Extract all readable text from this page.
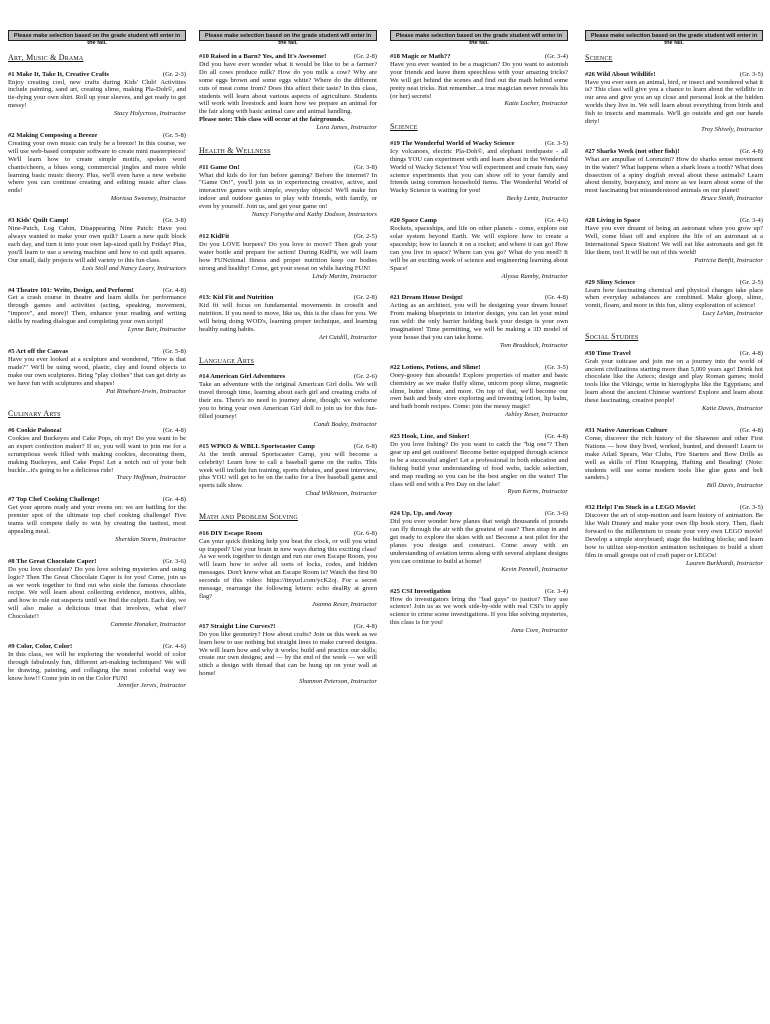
Please make selection based on the grade student will enter in the fall.
Art, Music & Drama
#1 Make It, Take It, Creative Crafts	(Gr. 2-3)
Enjoy creating cool, new crafts during Kids' Club! Activities include painting, sand art, creating slime, making Pla-Doh©, and tie-dying your own shirt. Roll up your sleeves, and get ready to get messy!
Stacy Holycross, Instructor
#2 Making Composing a Breeze	(Gr. 5-8)
Creating your own music can truly be a breeze! In this course, we will use web-based computer software to create mini masterpieces! We'll learn how to create simple motifs, spoken word chants/cheers, a blues song, commercial jingles and more while learning basic music theory. Plus, we'll even have a new website where you can continue creating and editing music after class ends!
Morissa Sweeney, Instructor
#3 Kids' Quilt Camp!	(Gr. 3-8)
Nine-Patch, Log Cabin, Disappearing Nine Patch: Have you always wanted to make your own quilt? Learn a new quilt block each day, and turn it into your own lap-sized quilt by Friday! Plus, you'll learn to use a sewing machine and how to cut quilt squares. Our small, daily projects will add variety to this fun class.
Lois Stoll and Nancy Leary, Instructors
#4 Theatre 101: Write, Design, and Perform!	(Gr. 4-8)
Get a crash course in theatre and learn skills for performance through games and activities (acting, speaking, movement, "improv", and more)! Then, enhance your reading and writing skills by reading dialogue and completing your own script!
Lynne Bair, Instructor
#5 Art off the Canvas	(Gr. 5-8)
Have you ever looked at a sculpture and wondered, "How is that made?" We'll be using wood, plastic, clay and found objects to make our own sculptures. Bring "play clothes" that can get dirty as we have fun with sculptures and shapes!
Pat Rinehart-Irwin, Instructor
Culinary Arts
#6 Cookie Palooza!	(Gr. 4-8)
Cookies and Buckeyes and Cake Pops, oh my! Do you want to be an expert confection maker? If so, you will want to join me for a scrumptious week filled with making cookies, decorating them, making Buckeyes, and Cake Pops! Let a notch out of your belt buckle...it's going to be a delicious ride!
Tracy Hoffman, Instructor
#7 Top Chef Cooking Challenge!	(Gr. 4-8)
Get your aprons ready and your ovens on: we are battling for the premier spot of the ultimate top chef cooking challenge! Five teams will compete daily to win by creating the tastiest, most appealing meal.
Sheridan Storm, Instructor
#8 The Great Chocolate Caper!	(Gr. 3-6)
Do you love chocolate? Do you love solving mysteries and using logic? Then The Great Chocolate Caper is for you! Come, join us as we work together to find out who stole the famous chocolate recipe. We will learn about collecting evidence, motives, alibis, and how to rule out suspects until we find the culprit. Each day, we will also make a delicious treat that involves, what else? Chocolate!!
Cammie Honaker, Instructor
#9 Color, Color, Color!	(Gr. 4-6)
In this class, we will be exploring the wonderful world of color through fabulously fun, different art-making techniques! We will be drawing, painting, and collaging the most colorful way we know how!! Come join in on the Color FUN!
Jennifer Jervis, Instructor
Please make selection based on the grade student will enter in the fall.
#10 Raised in a Barn? Yes, and It's Awesome!	(Gr. 2-8)
Did you have ever wonder what it would be like to be a farmer? Do all cows produce milk? How do you milk a cow? Why are some eggs brown and some eggs white? Where do the different cuts of meat come from? Does this affect their taste? In this class, students will learn about various aspects of agriculture. Students will work with livestock and learn how we prepare an animal for the fair along with basic animal care and animal handling.
Please note: This class will occur at the fairgrounds.
Lora James, Instructor
Health & Wellness
#11 Game On!	(Gr. 3-8)
What did kids do for fun before gaming? Before the internet? In "Game On!", you'll join us in experiencing creative, active, and interactive games with simple, everyday objects! We'll make fun indoor and outdoor games to play with friends, with family, or even by yourself. Join us, and get your game on!
Nancy Forsythe and Kathy Dodson, Instructors
#12 KidFit	(Gr. 2-5)
Do you LOVE burpees? Do you love to move? Then grab your water bottle and prepare for action! During KidFit, we will learn how FUNctional fitness and proper nutrition keep our bodies strong and healthy! Come, get your sweat on while having FUN!
Lindy Martin, Instructor
#13: Kid Fit and Nutrition	(Gr. 2-8)
Kid fit will focus on fundamental movements in crossfit and nutrition. If you need to move, like us, this is the class for you. We will being doing WOD's, learning proper technique, and learning healthy eating habits.
Art Cutdill, Instructor
Language Arts
#14 American Girl Adventures	(Gr. 2-6)
Take an adventure with the original American Girl dolls. We will travel through time, learning about each girl and creating crafts of their era. There's no need to journey alone, though; we welcome you to bring your own American Girl doll to join us for this fun-filled journey!
Candi Bodey, Instructor
#15 WPKO & WBLL Sportscaster Camp	(Gr. 6-8)
At the tenth annual Sportscaster Camp, you will become a celebrity! Learn how to call a baseball game on the radio. This week will include fun training, sports debates, and guest interview, plus YOU will get to be on the radio for a live baseball game and sports talk show.
Chad Wilkinson, Instructor
Math and Problem Solving
#16 DIY Escape Room	(Gr. 6-8)
Can your quick thinking help you beat the clock, or will you wind up trapped? Use your brain in new ways during this exciting class! As we work together to design and run our own Escape Room, you will learn how to solve all sorts of locks, codes, and hidden messages. Don't know what an Escape Room is? Watch the first 90 seconds of this video: https://tinyurl.com/ycK2oj. For a secret message, rearrange the following letters: echo dealRy at green flag?
Joanna Reser, Instructor
#17 Straight Line Curves?!	(Gr. 4-8)
Do you like geometry? How about crafts? Join us this week as we learn how to use nothing but straight lines to make curved designs. We will learn how and why it works; build and practice our skills; create our own designs; and — by the end of the week — we will stitch a design with thread that can be hung up on your wall at home!
Shannon Peterson, Instructor
Please make selection based on the grade student will enter in the fall.
#18 Magic or Math??	(Gr. 3-4)
Have you ever wanted to be a magician? Do you want to astonish your friends and leave them speechless with your amazing tricks? We will get behind the scenes and find out the math behind some pretty neat tricks. But remember...a true magician never reveals his (or her) secrets!
Katie Locher, Instructor
Science
#19 The Wonderful World of Wacky Science	(Gr. 3-5)
Icy volcanoes, electric Pla-Doh©, and elephant toothpaste - all things YOU can experiment with and learn about in the Wonderful World of Wacky Science! You will experiment and create fun, easy science experiments that you can show off to your family and friends using common household items. The Wonderful World of Wacky Science is waiting for you!
Becky Lentz, Instructor
#20 Space Camp	(Gr. 4-6)
Rockets, spaceships, and life on other planets - come, explore our solar system beyond Earth. We will explore how to create a spaceship; how to launch it on a rocket; and where it can go! How can you live in space? Where can you go? What do you need? It will be an exciting week of science and engineering learning about Space!
Alyssa Rumby, Instructor
#21 Dream House Design!	(Gr. 4-8)
Acting as an architect, you will be designing your dream house! From making blueprints to interior design, you can let your mind run wild: the only barrier holding back your design is your own imagination! Time permitting, we will be making a 3D model of your house that you can take home.
Tom Braddock, Instructor
#22 Lotions, Potions, and Slime!	(Gr. 3-5)
Ooey-gooey fun abounds! Explore properties of matter and basic chemistry as we make fluffy slime, unicorn poop slime, magnetic slime, butter slime, and more. On top of that, we'll become our own bath and body store exploring and inventing lotion, lip balm, and bath bomb recipes. Come: join the messy magic!
Ashley Reser, Instructor
#23 Hook, Line, and Sinker!	(Gr. 4-8)
Do you love fishing? Do you want to catch the "big one"? Then gear up and get outdoors! Become better equipped through science to be a successful angler! Let a professional in both education and fishing build your understanding of food webs, tackle selection, and map reading so you can be the best angler on the water! The class will end with a Pro Day on the lake!
Ryan Kerns, Instructor
#24 Up, Up, and Away	(Gr. 3-6)
Did you ever wonder how planes that weigh thousands of pounds can fly through the air with the greatest of ease? Then strap in and get ready to explore the skies with us! Become a test pilot for the planes you design and construct. Come away with an understanding of aviation terms along with several airplane designs you can continue to build at home!
Kevin Pennell, Instructor
#25 CSI Investigation	(Gr. 3-4)
How do investigators bring the "bad guys" to justice? They use science! Join us as we work side-by-side with real CSI's to apply science to crime scene investigations. If you like solving mysteries, this class is for you!
Jana Core, Instructor
Please make selection based on the grade student will enter in the fall.
Science
#26 Wild About Wildlife!	(Gr. 3-5)
Have you ever seen an animal, bird, or insect and wondered what it is? This class will give you a chance to learn about the wildlife in our area and give you an up close and personal look at the hidden worlds they live in. We will learn about everything from birds and fish to insects and mammals. We'll go outside and get our hands dirty!
Troy Shively, Instructor
#27 Sharks Week (not other fish)!	(Gr. 4-8)
What are ampullae of Lorenzini? How do sharks sense movement in the water? What happens when a shark loses a tooth? What does dissection of a spiny dogfish reveal about these animals? Learn about density, buoyancy, and more as we learn about some of the most fascinating but misunderstood animals on our planet!
Bruce Smith, Instructor
#28 Living in Space	(Gr. 3-4)
Have you ever dreamt of being an astronaut when you grow up? Well, come blast off and explore the life of an astronaut at a International Space Station! We will eat like astronauts and get fit like them, too! It will be out of this world!
Patricia Benfit, Instructor
#29 Slimy Science	(Gr. 2-5)
Learn how fascinating chemical and physical changes take place when everyday substances are combined. Make gloop, slime, vomit, floam, and more in this fun, slimy exploration of science!
Lucy LeVan, Instructor
Social Studies
#30 Time Travel	(Gr. 4-8)
Grab your suitcase and join me on a journey into the world of ancient civilizations starting more than 5,000 years ago! Drink hot chocolate like the Aztecs; design and play Roman games; mold tools like the Vikings; write in hieroglyphs like the Egyptians; and learn about the ancient Chinese warriors! Explore and learn about these fascinating, creative people!
Katie Davis, Instructor
#31 Native American Culture	(Gr. 4-8)
Come, discover the rich history of the Shawnee and other First Nations — how they lived, worked, hunted, and dressed! Learn to make Atlatl Spears, War Clubs, Fire Starters and Bow Drills as well as skills of Flint Knapping, Hafting and Beading! (Note: students will use some modern tools like glue guns and belt sanders.)
Bill Davis, Instructor
#32 Help! I'm Stuck in a LEGO Movie!	(Gr. 3-5)
Discover the art of stop-motion and learn history of animation. Be like Walt Disney and make your own flip book story. Then, flash forward to the millennium to create your very own LEGO movie! Develop a simple storyboard; stage the building blocks; and learn how to utilize stop-motion animation techniques to build a short film in small groups out of craft paper or LEGOs!
Lauren Burkhardt, Instructor
